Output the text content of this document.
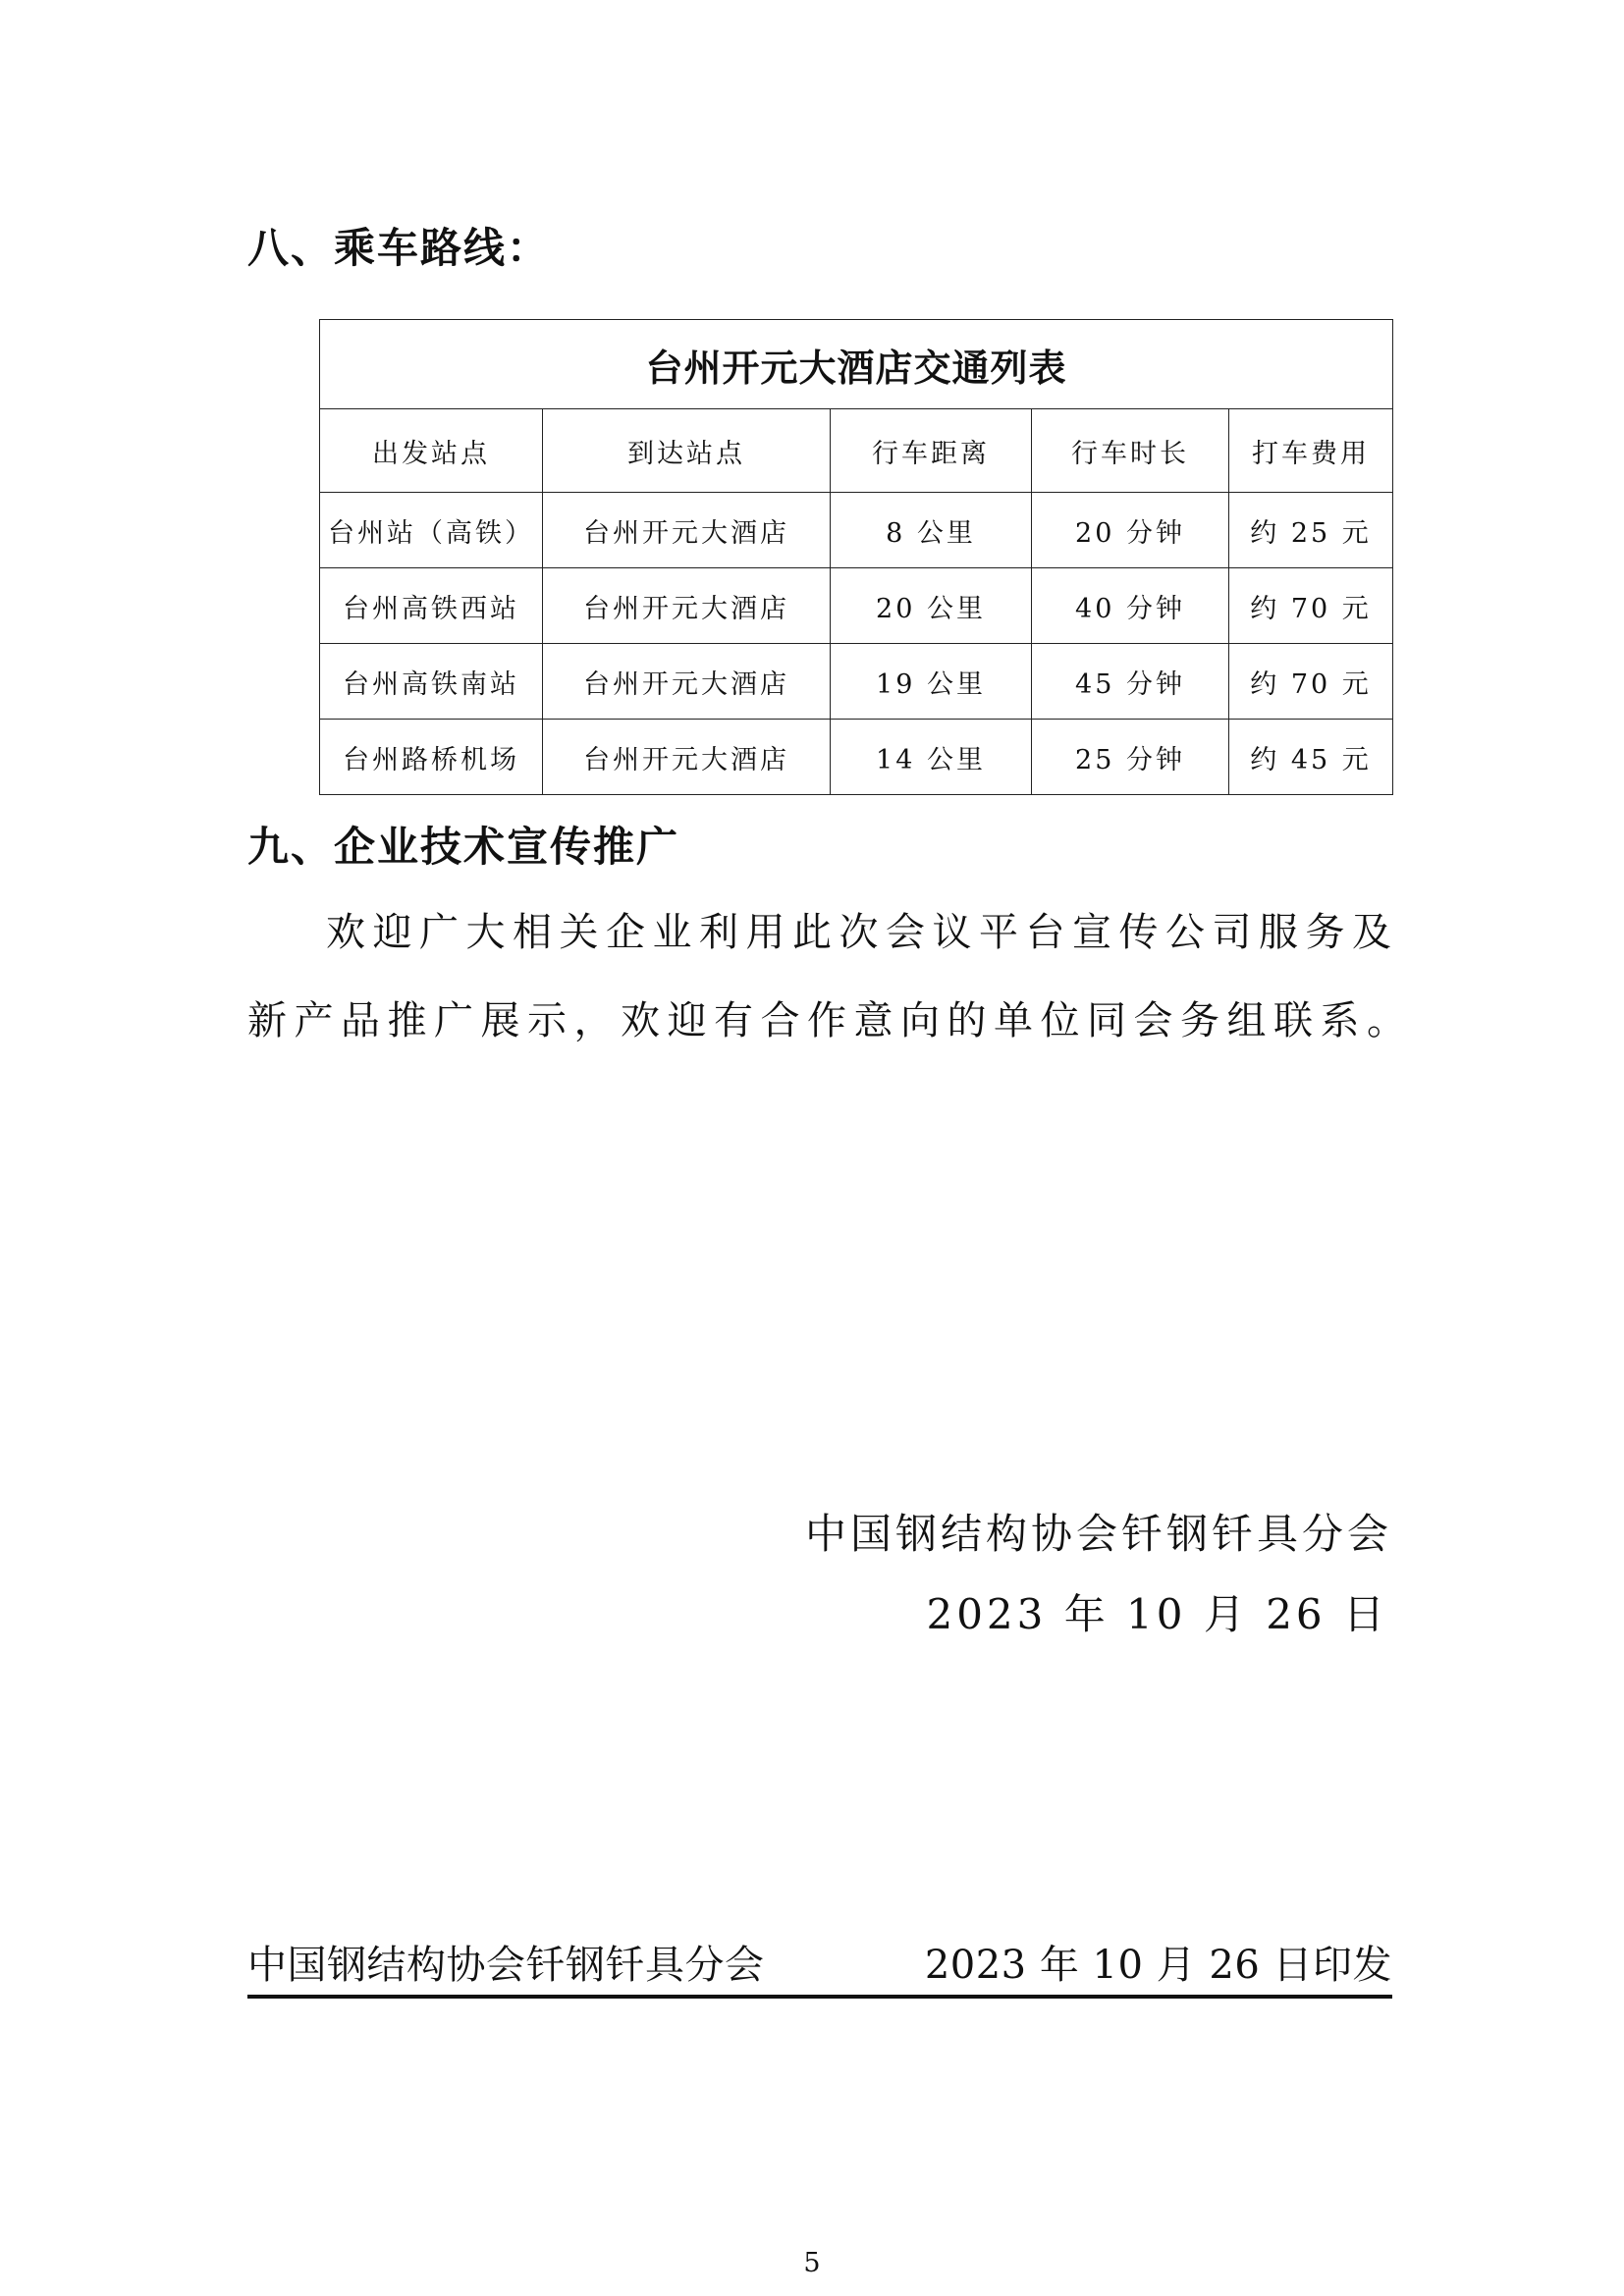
八、乘车路线：
台州开元大酒店交通列表				
出发站点	到达站点	行车距离	行车时长	打车费用
台州站（高铁）	台州开元大酒店	8 公里	20 分钟	约 25 元
台州高铁西站	台州开元大酒店	20 公里	40 分钟	约 70 元
台州高铁南站	台州开元大酒店	19 公里	45 分钟	约 70 元
台州路桥机场	台州开元大酒店	14 公里	25 分钟	约 45 元
九、企业技术宣传推广
欢迎广大相关企业利用此次会议平台宣传公司服务及
新产品推广展示，欢迎有合作意向的单位同会务组联系。
中国钢结构协会钎钢钎具分会
2023 年 10 月 26 日
中国钢结构协会钎钢钎具分会	2023 年 10 月 26 日印发
5
